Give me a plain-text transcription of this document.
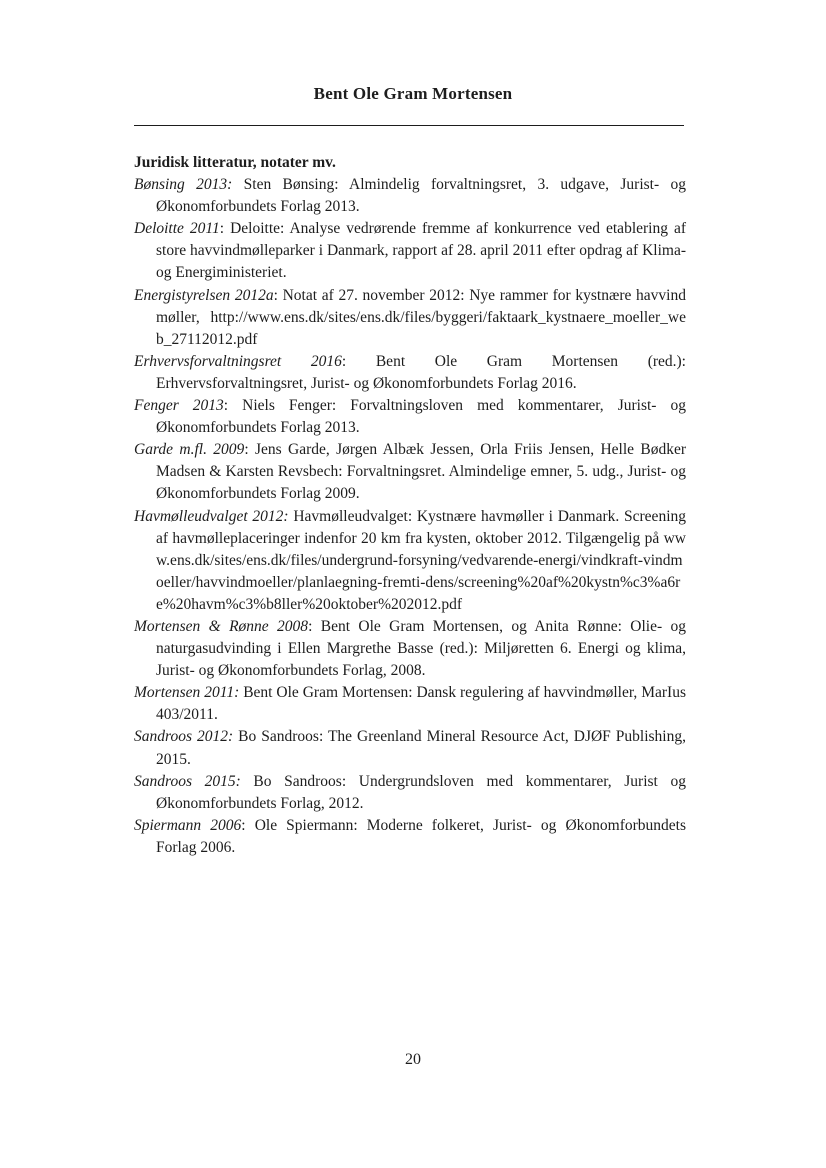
Bent Ole Gram Mortensen
Juridisk litteratur, notater mv.

Bønsing 2013: Sten Bønsing: Almindelig forvaltningsret, 3. udgave, Jurist- og Økonomforbundets Forlag 2013.

Deloitte 2011: Deloitte: Analyse vedrørende fremme af konkurrence ved etablering af store havvindmølleparker i Danmark, rapport af 28. april 2011 efter opdrag af Klima- og Energiministeriet.

Energistyrelsen 2012a: Notat af 27. november 2012: Nye rammer for kystnære havvindmøller, http://www.ens.dk/sites/ens.dk/files/byggeri/faktaark_kystnaere_moeller_web_27112012.pdf

Erhvervsforvaltningsret 2016: Bent Ole Gram Mortensen (red.): Erhvervsforvaltningsret, Jurist- og Økonomforbundets Forlag 2016.

Fenger 2013: Niels Fenger: Forvaltningsloven med kommentarer, Jurist- og Økonomforbundets Forlag 2013.

Garde m.fl. 2009: Jens Garde, Jørgen Albæk Jessen, Orla Friis Jensen, Helle Bødker Madsen & Karsten Revsbech: Forvaltningsret. Almindelige emner, 5. udg., Jurist- og Økonomforbundets Forlag 2009.

Havmølleudvalget 2012: Havmølleudvalget: Kystnære havmøller i Danmark. Screening af havmølleplaceringer indenfor 20 km fra kysten, oktober 2012. Tilgængelig på www.ens.dk/sites/ens.dk/files/undergrund-forsyning/vedvarende-energi/vindkraft-vindmoeller/havvindmoeller/planlaegning-fremti-dens/screening%20af%20kystn%c3%a6re%20havm%c3%b8ller%20oktober%202012.pdf

Mortensen & Rønne 2008: Bent Ole Gram Mortensen, og Anita Rønne: Olie- og naturgasudvinding i Ellen Margrethe Basse (red.): Miljøretten 6. Energi og klima, Jurist- og Økonomforbundets Forlag, 2008.

Mortensen 2011: Bent Ole Gram Mortensen: Dansk regulering af havvindmøller, MarIus 403/2011.

Sandroos 2012: Bo Sandroos: The Greenland Mineral Resource Act, DJØF Publishing, 2015.

Sandroos 2015: Bo Sandroos: Undergrundsloven med kommentarer, Jurist og Økonomforbundets Forlag, 2012.

Spiermann 2006: Ole Spiermann: Moderne folkeret, Jurist- og Økonomforbundets Forlag 2006.

20
